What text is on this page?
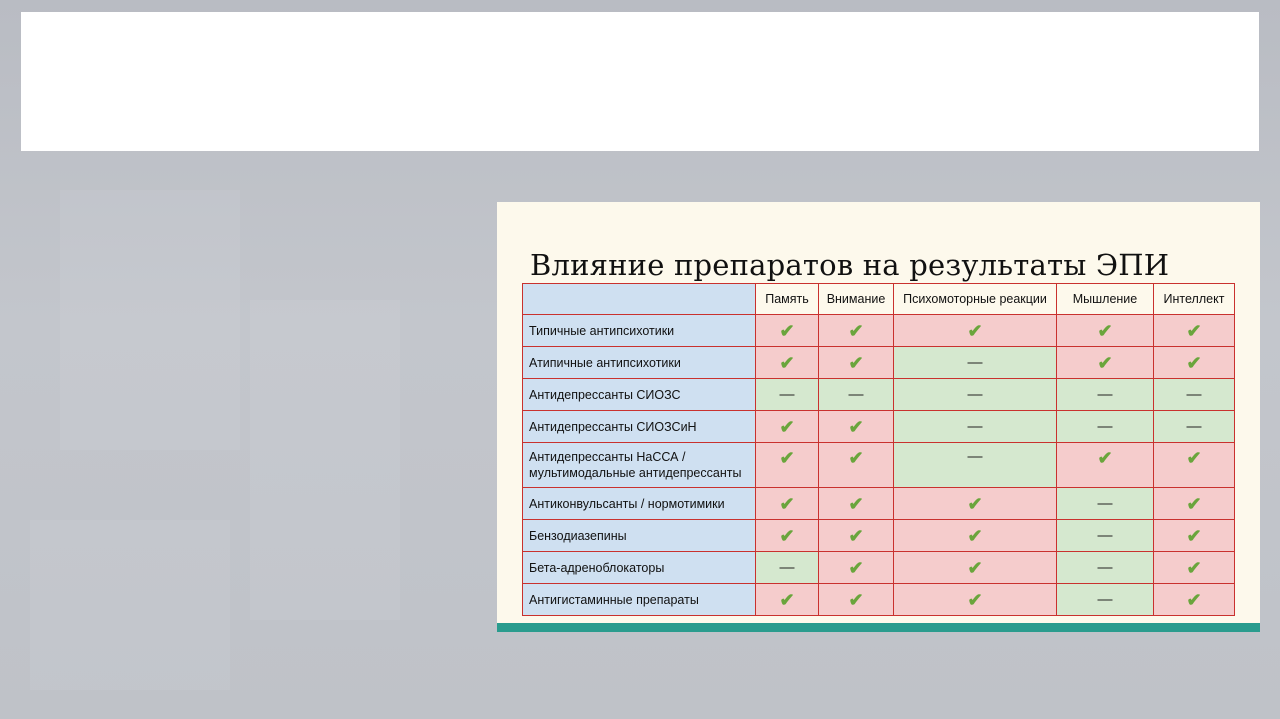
Влияние препаратов на результаты ЭПИ
	Память	Внимание	Психомоторные реакции	Мышление	Интеллект
Типичные антипсихотики	✔	✔	✔	✔	✔
Атипичные антипсихотики	✔	✔	—	✔	✔
Антидепрессанты СИОЗС	—	—	—	—	—
Антидепрессанты СИОЗСиН	✔	✔	—	—	—
Антидепрессанты НаССА / мультимодальные антидепрессанты	✔	✔	—	✔	✔
Антиконвульсанты / нормотимики	✔	✔	✔	—	✔
Бензодиазепины	✔	✔	✔	—	✔
Бета-адреноблокаторы	—	✔	✔	—	✔
Антигистаминные препараты	✔	✔	✔	—	✔
